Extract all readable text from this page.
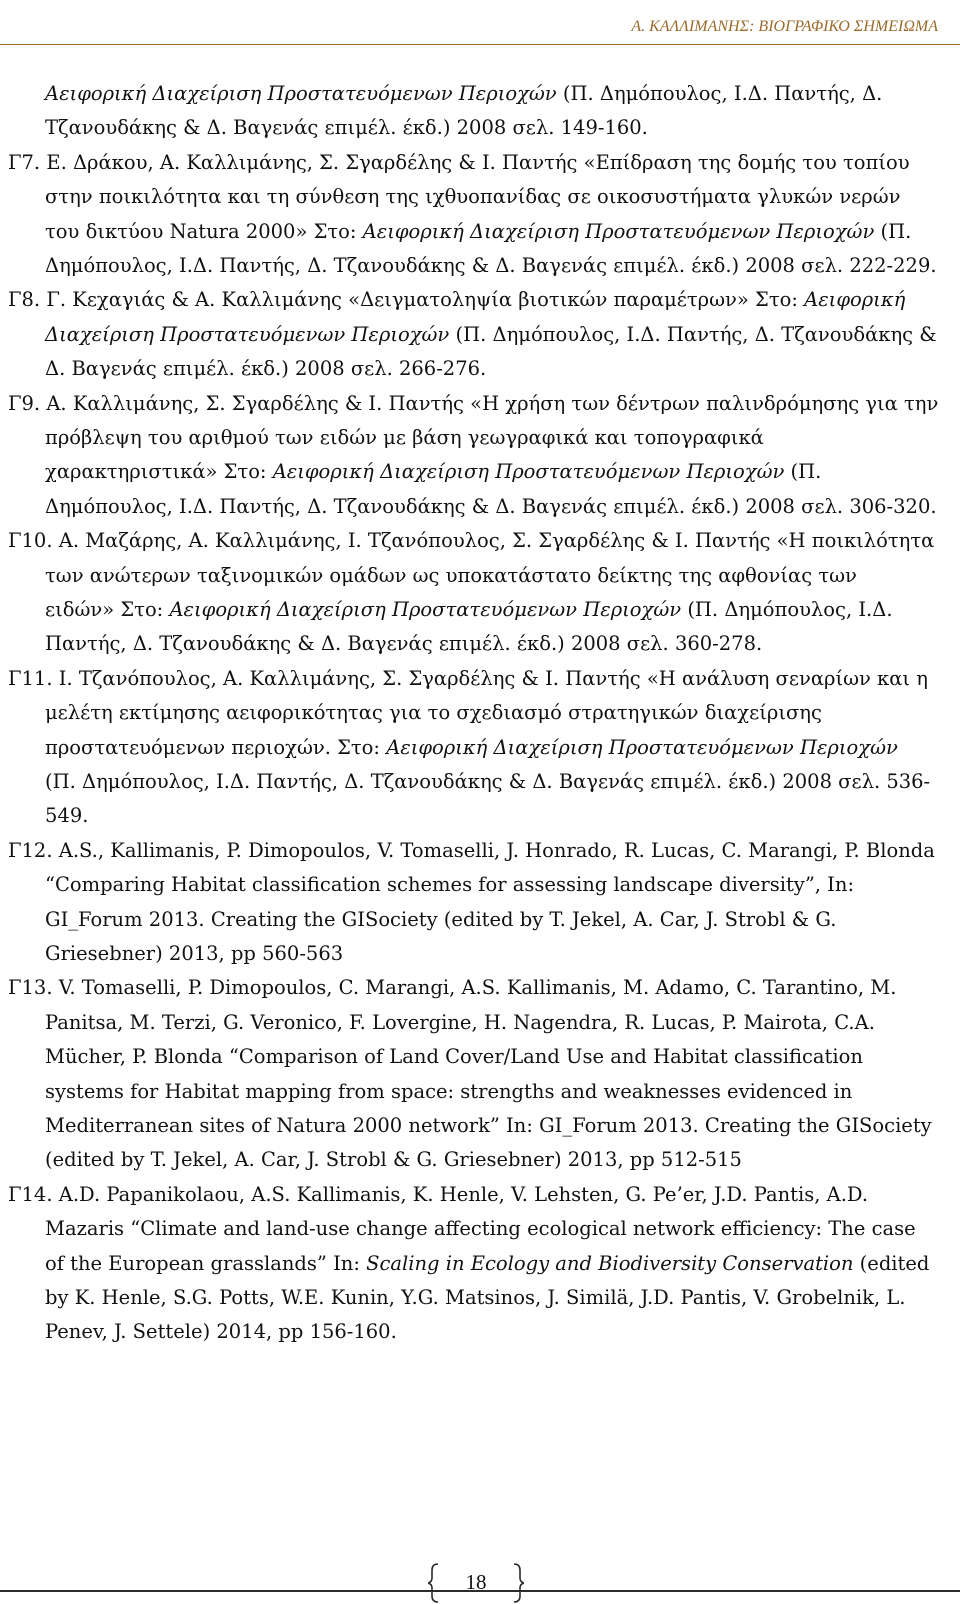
Α. ΚΑΛΛΙΜΑΝΗΣ: ΒΙΟΓΡΑΦΙΚΟ ΣΗΜΕΙΩΜΑ
Αειφορική Διαχείριση Προστατευόμενων Περιοχών (Π. Δημόπουλος, Ι.Δ. Παντής, Δ.
Τζανουδάκης & Δ. Βαγενάς επιμέλ. έκδ.) 2008 σελ. 149-160.
Γ7. Ε. Δράκου, Α. Καλλιμάνης, Σ. Σγαρδέλης & Ι. Παντής «Επίδραση της δομής του τοπίου
στην ποικιλότητα και τη σύνθεση της ιχθυοπανίδας σε οικοσυστήματα γλυκών νερών
του δικτύου Natura 2000» Στο: Αειφορική Διαχείριση Προστατευόμενων Περιοχών (Π.
Δημόπουλος, Ι.Δ. Παντής, Δ. Τζανουδάκης & Δ. Βαγενάς επιμέλ. έκδ.) 2008 σελ. 222-229.
Γ8. Γ. Κεχαγιάς & Α. Καλλιμάνης «Δειγματοληψία βιοτικών παραμέτρων» Στο: Αειφορική
Διαχείριση Προστατευόμενων Περιοχών (Π. Δημόπουλος, Ι.Δ. Παντής, Δ. Τζανουδάκης &
Δ. Βαγενάς επιμέλ. έκδ.) 2008 σελ. 266-276.
Γ9. Α. Καλλιμάνης, Σ. Σγαρδέλης & Ι. Παντής «Η χρήση των δέντρων παλινδρόμησης για την
πρόβλεψη του αριθμού των ειδών με βάση γεωγραφικά και τοπογραφικά
χαρακτηριστικά» Στο: Αειφορική Διαχείριση Προστατευόμενων Περιοχών (Π.
Δημόπουλος, Ι.Δ. Παντής, Δ. Τζανουδάκης & Δ. Βαγενάς επιμέλ. έκδ.) 2008 σελ. 306-320.
Γ10. Α. Μαζάρης, Α. Καλλιμάνης, Ι. Τζανόπουλος, Σ. Σγαρδέλης & Ι. Παντής «Η ποικιλότητα
των ανώτερων ταξινομικών ομάδων ως υποκατάστατο δείκτης της αφθονίας των
ειδών» Στο: Αειφορική Διαχείριση Προστατευόμενων Περιοχών (Π. Δημόπουλος, Ι.Δ.
Παντής, Δ. Τζανουδάκης & Δ. Βαγενάς επιμέλ. έκδ.) 2008 σελ. 360-278.
Γ11. Ι. Τζανόπουλος, Α. Καλλιμάνης, Σ. Σγαρδέλης & Ι. Παντής «Η ανάλυση σεναρίων και η
μελέτη εκτίμησης αειφορικότητας για το σχεδιασμό στρατηγικών διαχείρισης
προστατευόμενων περιοχών. Στο: Αειφορική Διαχείριση Προστατευόμενων Περιοχών
(Π. Δημόπουλος, Ι.Δ. Παντής, Δ. Τζανουδάκης & Δ. Βαγενάς επιμέλ. έκδ.) 2008 σελ. 536-
549.
Γ12. A.S., Kallimanis, P. Dimopoulos, V. Tomaselli, J. Honrado, R. Lucas, C. Marangi, P. Blonda
“Comparing Habitat classification schemes for assessing landscape diversity”, In:
GI_Forum 2013. Creating the GISociety (edited by T. Jekel, A. Car, J. Strobl & G.
Griesebner) 2013, pp 560-563
Γ13. V. Tomaselli, P. Dimopoulos, C. Marangi, A.S. Kallimanis, M. Adamo, C. Tarantino, M.
Panitsa, M. Terzi, G. Veronico, F. Lovergine, H. Nagendra, R. Lucas, P. Mairota, C.A.
Mücher, P. Blonda “Comparison of Land Cover/Land Use and Habitat classification
systems for Habitat mapping from space: strengths and weaknesses evidenced in
Mediterranean sites of Natura 2000 network” In: GI_Forum 2013. Creating the GISociety
(edited by T. Jekel, A. Car, J. Strobl & G. Griesebner) 2013, pp 512-515
Γ14. A.D. Papanikolaou, A.S. Kallimanis, K. Henle, V. Lehsten, G. Pe’er, J.D. Pantis, A.D.
Mazaris “Climate and land-use change affecting ecological network efficiency: The case
of the European grasslands” In: Scaling in Ecology and Biodiversity Conservation (edited
by K. Henle, S.G. Potts, W.E. Kunin, Y.G. Matsinos, J. Similä, J.D. Pantis, V. Grobelnik, L.
Penev, J. Settele) 2014, pp 156-160.
18
